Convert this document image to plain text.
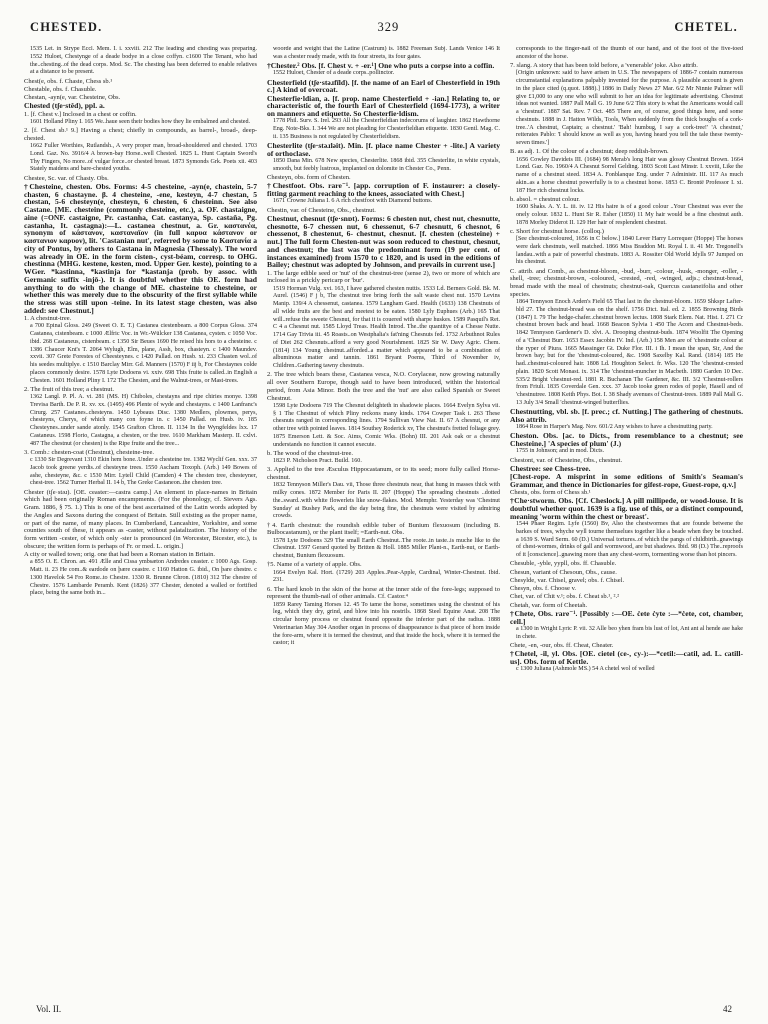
CHESTED.	329	CHETEL.

1535 Let. in Strype Eccl. Mem. I. i. xxviii. 212 The leading and chesting was preparing. 1552 Huloet, Chestynge of a deade bodye in a close coffyn. c1600 The Tenant, who had the..chesting..of the dead corps. Mod. Sc. The chesting has been deferred to enable relatives at a distance to be present.

Chest(e, obs. f. Chaste, Chess sb.¹

Chestable, obs. f. Chasuble.

Chestan, -ayn(e, var. Chesteine, Obs.

Chested (tʃe·stĕd), ppl. a.

1. [f. Chest v.] Inclosed in a chest or coffin.

1601 Holland Pliny I. 165 We..haue seen their bodies how they lie embalmed and chested.

2. [f. Chest sb.¹ 9.] Having a chest; chiefly in compounds, as barrel-, broad-, deep-chested.

1662 Fuller Worthies, Rutlandsh., A very proper man, broad-shouldered and chested. 1703 Lond. Gaz. No. 3916/4 A brown-bay Horse..well Chested. 1825 L. Hunt Captain Sword's Thy Fingers, No more..of vulgar force..or chested breast. 1873 Symonds Grk. Poets xii. 403 Stately maidens and bare-chested youths.

Chestee, Sc. var. of Chasty. Obs.

†Chesteine, chesten. Obs. Forms: 4-5 chesteine, -ayn(e, chastein, 5-7 chasten, 6 chastayne. β. 4 chesteine, -ene, kesteyn, 4-7 chestan, 5 chestan, 5-6 chesteyn(e, chesteyn, 6 chesten, 6 chesteinn. See also Castane. [ME. chesteine (commonly chesteine, etc.), a. OF. chastaigne, aine (=ONF. castaigne, Pr. castanha, Cat. castanya, Sp. castaña, Pg. castanha, It. castagna):—L. castanea chestnut, a. Gr. καστανέα, synonym of κάστανον, κασταναϊον (in full καρυα κάστανον or καστανιον καρυον), lit. 'Castanian nut', referred by some to Καστανία a city of Pontus, by others to Castana in Magnesia (Thessaly). The word was already in OE. in the form cisten-, cyst-béam, corresp. to OHG. chestinna (MHG. kestene, kesten, mod. Upper Ger. keste), pointing to a WGer. *kastinna, *kastinja for *kastanja (prob. by assoc. with Germanic suffix -injō-). It is doubtful whether this OE. form had anything to do with the change of ME. chasteine to chesteine, or whether this was merely due to the obscurity of the first syllable while the stress was still upon -teine. In its latest stage chesten, was also added: see Chestnut.]

1. A chestnut-tree.

a 700 Epinal Gloss. 249 (Sweet O. E. T.) Castanea ciestenbeam. a 800 Corpus Gloss. 374 Castanea, cistenbeam. c 1000 Ælfric Voc. in Wr.-Wülcker 138 Castanea, cysten. c 1050 Voc. ibid. 268 Castaneus, cistenbeam. c 1350 Sir Beues 1690 He reised his hors to a chesteine. c 1386 Chaucer Knt's T. 2064 Wylugh, Elm, plane, Assh, box, chasteyn. c 1400 Maundev. xxvii. 307 Grete Forestes of Cheesteynes. c 1420 Pallad. on Husb. xi. 233 Chasten wol..of his seedes multiplye. c 1510 Barclay Mirr. Gd. Manners (1570) F iij b, For Chestaynes colde places commonly desire. 1578 Lyte Dodoens vi. xxiv. 698 This fruite is called..in English a Chesten. 1601 Holland Pliny I. 172 The Chesten, and the Walnut-trees, or Mast-trees.

2. The fruit of this tree; a chestnut.

1362 Langl. P. Pl. A. vi. 281 (MS. H) Chiboles, chestayns and ripe chiries monye. 1398 Trevisa Barth. De P. R. xv. xx. (1495) 496 Plente of wyde and chestayns. c 1400 Lanfranc's Cirurg. 257 Castanes..chesteyns. 1450 Lybeaus Disc. 1380 Medlers, plowmes, perys, chesteyns, Cherys, of which many con foyne in. c 1450 Pallad. on Husb. iv. 185 Chesteynes..under sande atonly. 1545 Grafton Chron. II. 1134 In the Wyngfeldes lxx. 17 Castaneus. 1598 Florio, Castagna, a chesten, or the tree. 1610 Markham Masterp. II. cxlvi. 487 The chestnut (or chesten) is the Ripe fruite and the tree...

3. Comb.: chesten-coat (Chestnut), chesteine-tree.

c 1330 Sir Degrevant 1310 Ekin hem bone..Under a chesteine tre. 1382 Wyclif Gen. xxx. 37 Jacob took greene yerdis..of chesteyne trees. 1550 Ascham Toxoph. (Arb.) 149 Bowes of ashe, chesteyne, &c. c 1530 Mirr. Lytell Child (Camden) 4 The chesten tree, chesteyner, chest-tree. 1562 Turner Herbal II. 14 b, The Greke Castaneon..the chesten tree.

Chester (tʃe·stəɹ). [OE. ceaster:—castra camp.] An element in place-names in Britain which had been originally Roman encampments. (For the phonology, cf. Sievers Ags. Gram. 1886, § 75. 1.) This is one of the best ascertained of the Latin words adopted by the Angles and Saxons during the conquest of Britain. Still existing as the proper name, or part of the name, of many places. In Cumberland, Lancashire, Yorkshire, and some counties south of these, it appears as -caster, without palatalization. The history of the form written -cester, of which only -ster is pronounced (in Worcester, Bicester, etc.), is obscure; the written form is perhaps of Fr. or med. L. origin.]

A city or walled town; orig. one that had been a Roman station in Britain.

a 855 O. E. Chron. an. 491 Ælle and Cissa ymbsæton Andredes ceaster. c 1000 Ags. Gosp. Matt. ii. 23 He com..& eardode on þære ceastre. c 1160 Hatton G. ibid., On þare chestre. c 1300 Havelok 54 Fro Rome..to Chestre. 1330 R. Brunne Chron. (1810) 312 The chestre of Chestre. 1576 Lambarde Peramb. Kent (1826) 377 Chester, denoted a walled or fortified place, being the same both in...

woorde and weight that the Latine (Castrum) is. 1882 Freeman Subj. Lands Venice 146 It was a chester ready made, with its four streets, its four gates.

†Chester.² Obs. [f. Chest v. + -er.¹] One who puts a corpse into a coffin.

1552 Huloet, Chester of a deade corps..pollinctor.

Chesterfield (tʃe·stəɹfīld). [f. the name of an Earl of Chesterfield in 19th c.] A kind of overcoat.

Chesterfie·ldian, a. [f. prop. name Chesterfield + -ian.] Relating to, or characteristic of, the fourth Earl of Chesterfield (1694-1773), a writer on manners and etiquette. So Chesterfie·ldism.

1778 Phil. Surv. S. Irel. 293 All the Chesterfieldian indecorums of laughter. 1862 Hawthorne Eng. Note-Bks. I. 344 We are not pleading for Chesterfieldian etiquette. 1830 Gentl. Mag. C. ii. 135 Business is not regulated by Chesterfieldism.

Chesterlite (tʃe·stəɹləit). Min. [f. place name Chester + -lite.] A variety of orthoclase.

1850 Dana Min. 678 New species, Chesterlite. 1868 ibid. 355 Chesterlite, in white crystals, smooth, but feebly lustrous, implanted on dolomite in Chester Co., Penn.

Chesteyn, obs. form of Chesten.

†Chestfoot. Obs. rare⁻¹. [app. corruption of F. instaurer: a closely-fitting garment reaching to the knees, associated with Chest.]

1671 Crowne Juliana I. 6 A rich chestfoot with Diamond buttons.

Chestin, var. of Chesteine, Obs., chestnut.

Chestnut, chesnut (tʃe·snɒt). Forms: 6 chesten nut, chest nut, chesnutte, chesnotte, 6-7 chessen nut, 6 chessenut, 6-7 chesnutt, 6 chesnot, 6 chessenot, 8 chestenut, 6- chestnut, chesnut. [f. chesten (chesteine) + nut.] The full form Chesten-nut was soon reduced to chestnut, chesnut, and chestnut; the last was the predominant form (19 per cent. of instances examined) from 1570 to c 1820, and is used in the editions of Bailey; chestnut was adopted by Johnson, and prevails in current use.]

1. The large edible seed or 'nut' of the chestnut-tree (sense 2), two or more of which are inclosed in a prickly pericarp or 'bur'.

1519 Horman Vulg. xvi. 163, I have gathered chesten nuttis. 1533 Ld. Berners Gold. Bk. M. Aurel. (1546) F j b, The chestnut tree bring forth the salt waste chest nut. 1570 Levins Manip. 139/4 A chessenut, castanea. 1579 Langham Gard. Health (1633) 138 Chestnuts of all wilde fruits are the best and meetest to be eaten. 1580 Lyly Euphues (Arb.) 165 That will..refuse the sweete Chesnut, for that it is couered with sharpe huskes. 1589 Pasquil's Ret. C 4 a Chesnut nut. 1585 Lloyd Treas. Health Introd. The..the quantitye of a Chesse Nutte. 1714 Gay Trivia iii. 45 Roasts..on Westphalia's fat'ning Chesnuts fed. 1732 Arbuthnot Rules of Diet 262 Chesnuts..afford a very good Nourishment. 1825 Sir W. Davy Agric. Chem. (1814) 134 Young chestnut..afforded..a matter which appeared to be a combination of albuminous matter and tannin. 1861 Bryant Poems, Third of November iv, Children..Gathering tawny chestnuts.

2. The tree which bears these, Castanea vesca, N.O. Corylaceæ, now growing naturally all over Southern Europe, though said to have been introduced, within the historical period, from Asia Minor. Both the tree and the 'nut' are also called Spanish or Sweet Chestnut.

1598 Lyte Dodoens 719 The Chesnut delighteth in shadowie places. 1664 Evelyn Sylva vii. § 1 The Chestnut of which Pliny reckons many kinds. 1764 Cowper Task i. 263 These chesnuts ranged in corresponding lines. 1794 Sullivan View Nat. II. 67 A chesnut, or any other tree with pointed leaves. 1814 Southey Roderick xv, The chestnut's fretted foliage grey. 1875 Emerson Lett. & Soc. Aims, Comic Wks. (Bohn) III. 201 Ask oak or a chestnut understands no function it cannot execute.

b. The wood of the chestnut-tree.

1823 P. Nicholson Pract. Build. 160.

3. Applied to the tree Æsculus Hippocastanum, or to its seed; more fully called Horse-chestnut.

1832 Tennyson Miller's Dau. vii, Those three chestnuts near, that hung in masses thick with milky cones. 1872 Member for Paris II. 207 (Hoppe) The spreading chestnuts ..dotted the..sward..with white flowerlets like snow-flakes. Mod. Memphr. Yesterday was 'Chestnut Sunday' at Bushey Park, and the day being fine, the chestnuts were visited by admiring crowds.

†4. Earth chestnut: the roundish edible tuber of Bunium flexuosum (including B. Bulbocastanum), or the plant itself; =Earth-nut. Obs.

1578 Lyte Dodoens 329 The small Earth Chestnut..The roote..in taste..is muche like to the Chestnut. 1597 Gerard quoted by Britten & Holl. 1885 Miller Plant-n., Earth-nut, or Earth-chestnut, Bunium flexuosum.

†5. Name of a variety of apple. Obs.

1664 Evelyn Kal. Hort. (1729) 203 Apples..Pear-Apple, Cardinal, Winter-Chestnut. Ibid. 231.

6. The hard knob in the skin of the horse at the inner side of the fore-legs; supposed to represent the thumb-nail of other animals. Cf. Castor.⁴

1859 Rarey Taming Horses 12. 45 To tame the horse, sometimes using the chestnut of his leg, which they dry, grind, and blow into his nostrils. 1868 Steel Equine Anat. 208 The circular horny process or chestnut found opposite the inferior part of the radius. 1888 Veterinarian May 304 Another organ in process of disappearance is that piece of horn inside the fore-arm, where it is termed the chestnut, and that inside the hock, where it is termed the castor; it

corresponds to the finger-nail of the thumb of our hand, and of the foot of the five-toed ancestor of the horse.

7. slang. A story that has been told before, a 'venerable' joke. Also attrib.

[Origin unknown: said to have arisen in U.S. The newspapers of 1886-7 contain numerous circumstantial explanations palpably invented for the purpose. A plausible account is given in the place cited (q.quot. 1888).] 1886 in Daily News 27 Mar. 6/2 Mr Ninnie Palmer will give £1,000 to any one who will submit to her an idea for legitimate advertising. Chestnut ideas not wanted. 1887 Pall Mall G. 19 June 6/2 This story is what the Americans would call a 'chestnut'. 1887 Sat. Rev. 7 Oct. 485 There are, of course, good things here, and some chestnuts. 1888 in J. Hatton Wilds, Tools, When suddenly from the thick boughs of a cork-tree..'A chestnut, Captain; a chestnut.' 'Bah! humbug, I say a cork-tree!' 'A chestnut,' reiterates Pablo: 'I should know as well as you, having heard you tell the tale these twenty-seven times.']

B. as adj. 1. Of the colour of a chestnut; deep reddish-brown.

1656 Cowley Davideis III. (1684) 98 Merab's long Hair was glossy Chestnut Brown. 1664 Lond. Gaz. No. 1960/4 A Chesnut Sorrel Gelding. 1803 Scott Last Minstr. I. xxviii, Like the name of a chestnut steed. 1834 A. Fonblanque Eng. under 7 Administr. III. 117 As much akin..as a horse chestnut powerfully is to a chestnut horse. 1853 C. Brontë Professor I. xi. 187 Her rich chestnut locks.

b. absol. = chestnut colour.

1600 Shaks. A. Y. L. iii. iv. 12 His haire is of a good colour ..Your Chestnut was ever the onely colour. 1832 L. Hunt Sir R. Esher (1850) 11 My hair would be a fine chestnut auth. 1878 Morley Diderot II. 129 Her hair of resplendent chestnut.

c. Short for chestnut horse. (colloq.)

[See chestnut-coloured, 1656 in C below.] 1840 Lever Harry Lorrequer (Hoppe) The horses were dark chestnuts, well matched. 1866 Miss Braddon Mt. Royal I. ii. 41 Mr. Tregonell's landau..with a pair of powerful chestnuts. 1883 A. Rossiter Old World Idylls 97 Jumped on his chestnut.

C. attrib. and Comb., as chestnut-bloom, -bud, -burr, -colour, -husk, -monger, -roller, -shell, -tree; chestnut-brown, -coloured, -crested, -red, -winged, adjs.; chestnut-bread, bread made with the meal of chestnuts; chestnut-oak, Quercus castaneifolia and other species.

1864 Tennyson Enoch Arden's Field 65 That last in the chestnut-bloom. 1659 Shkspr Lafter-bld 27. The chestnut-bread was on the shelf. 1756 Dict. Ital. ed. 2. 1855 Browning Birds (1847) I. 79 The hedge-chafer..chestnut brown lectus. 1808 Stark Elem. Nat. Hist. I. 271 Cr chestnut brown back and head. 1668 Beacon Sylvia 1 450 The Acorn and Chestnut-beds. 1842 Tennyson Gardener's D. xlvi. A. Drooping chestnut-buds. 1874 Woolfit The Opening of a 'Chestnut Burr. 1653 Essex Jacobin IV. Ind. (Arb.) 158 Men are of 'chestnutte colour at the ryper of Piura. 1665 Massinger Gt. Duke Flor. III. i Ih. I mean the span, Sir, And the brown bay; but for the 'chestnut-coloured, &c. 1908 Saxelby Kal. Rand. (1814) 185 He had..chestnut-coloured hair. 1808 Ld. Houghton Select. fr. Wks. 120 The 'chestnut-crested plain. 1820 Scott Monast. ix. 314 The 'chestnut-muncher in Macbeth. 1880 Garden 10 Dec. 535/2 Bright 'chestnut-red. 1881 R. Buchanan The Gardener, &c. III. 3/2 'Chestnut-rollers from Friuli. 1835 Coverdale Gen. xxx. 37 Jacob tooke green rodes of pople, Hasell and of 'chestnutree. 1808 Keith Phys. Bot. I. 38 Shady avenues of Chestnut-trees. 1889 Pall Mall G. 13 July 3/4 Small 'chestnut-winged butterflies.

Chestnutting, vbl. sb. [f. prec.; cf. Nutting.] The gathering of chestnuts. Also attrib.

1864 Rose in Harper's Mag. Nov. 601/2 Any wishes to have a chestnutting party.

Cheston. Obs. [ac. to Dicts., from resemblance to a chestnut; see Chesteine.] 'A species of plum' (J.)

1755 in Johnson; and in mod. Dicts.

Chestont, var. of Chesteine, Obs., chestnut.

Chestree: see Chess-tree.

[Chest-rope. A misprint in some editions of Smith's Seaman's Grammar, and thence in Dictionaries for gifest-rope, Guest-rope, q.v.]

Chests, obs. form of Chess sb.¹

†Che·stworm. Obs. [Cf. Cheslock.] A pill millipede, or wood-louse. It is doubtful whether quot. 1639 is a fig. use of this, or a distinct compound, meaning 'worm within the chest or breast'.

1544 Phaer Regim. Lyfe (1560) Bv, Also the chestwormes that are founde betwene the barkes of trees, whyche wyll tourne themselues together like a beade when they be touched. a 1639 S. Ward Serm. 60 (D.) Universal tortures..of which the pangs of childbirth..gnawings of chest-wormes, drinks of gall and wormwood, are but shadows. Ibid. 98 (D.) The..reproofs of it [conscience]..gnawing more than any chest-worm, tormenting worse than hot pincers.

Chesuble, -yble, yypll, obs. ff. Chasuble.

Chesun, variant of Chesoun, Obs., cause.

Chesylde, var. Chisel, gravel; obs. f. Chisel.

Chesyn, obs. f. Choose v.

Chet, var. of Chit v.¹; obs. f. Cheat sb.¹, ².²

Chetah, var. form of Cheetah.

†Chete, Obs. rare⁻¹. [Possibly :—OE. ċete ċyte :—*ċete, cot, chamber, cell.]

a 1300 in Wright Lyric P. vii. 32 Alle beo yhen fram bis lust of lot, Ant ant al hende ase hake in chete.

Chete, -en, -our, obs. ff. Cheat, Cheater.

†Chetel, -il, yl. Obs. [OE. cietel (ce-, cy-):—*cetil:—catil, ad. L. catill-us]. Obs. form of Kettle.

c 1300 Juliana (Ashmole MS.) 54 A chetel wol of welled

Vol. II.	42
